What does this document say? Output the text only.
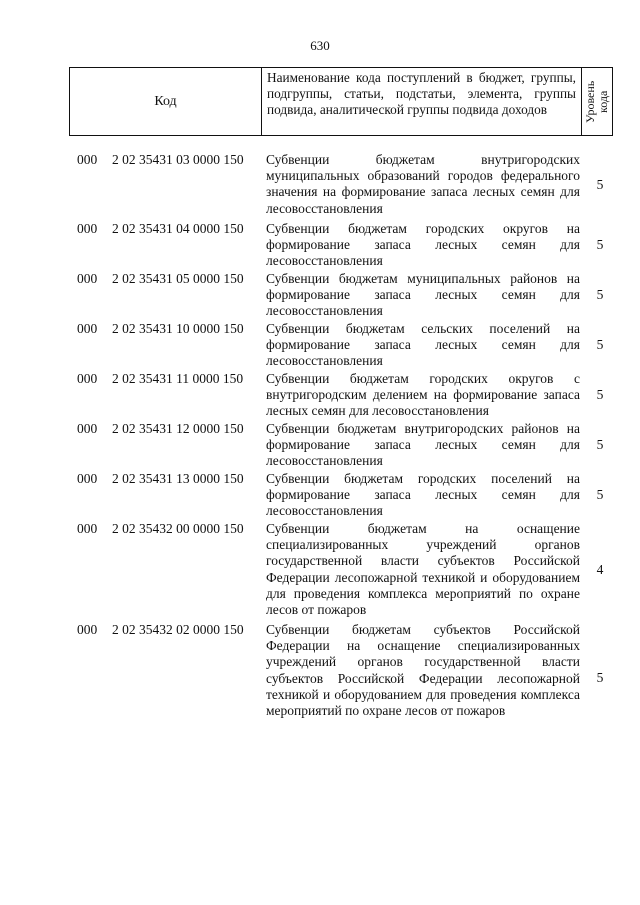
630
Код
Наименование кода поступлений в бюджет, группы, подгруппы, статьи, подстатьи, элемента, группы подвида, аналитической группы подвида доходов	Уровень кода
000 2 02 35431 03 0000 150 Субвенции бюджетам внутригородских муниципальных образований городов федерального значения на формирование запаса лесных семян для лесовосстановления
5
000 2 02 35431 04 0000 150 Субвенции бюджетам городских округов на формирование запаса лесных семян для лесовосстановления
5
000 2 02 35431 05 0000 150 Субвенции бюджетам муниципальных районов на формирование запаса лесных семян для лесовосстановления
5
000 2 02 35431 10 0000 150 Субвенции бюджетам сельских поселений на формирование запаса лесных семян для лесовосстановления
5
000 2 02 35431 11 0000 150 Субвенции бюджетам городских округов с внутригородским делением на формирование запаса лесных семян для лесовосстановления
5
000 2 02 35431 12 0000 150 Субвенции бюджетам внутригородских районов на формирование запаса лесных семян для лесовосстановления
5
000 2 02 35431 13 0000 150 Субвенции бюджетам городских поселений на формирование запаса лесных семян для лесовосстановления
5
000 2 02 35432 00 0000 150 Субвенции бюджетам на оснащение специализированных учреждений органов государственной власти субъектов Российской Федерации лесопожарной техникой и оборудованием для проведения комплекса мероприятий по охране лесов от пожаров
4
000 2 02 35432 02 0000 150 Субвенции бюджетам субъектов Российской Федерации на оснащение специализированных учреждений органов государственной власти субъектов Российской Федерации лесопожарной техникой и оборудованием для проведения комплекса мероприятий по охране лесов от пожаров
5
